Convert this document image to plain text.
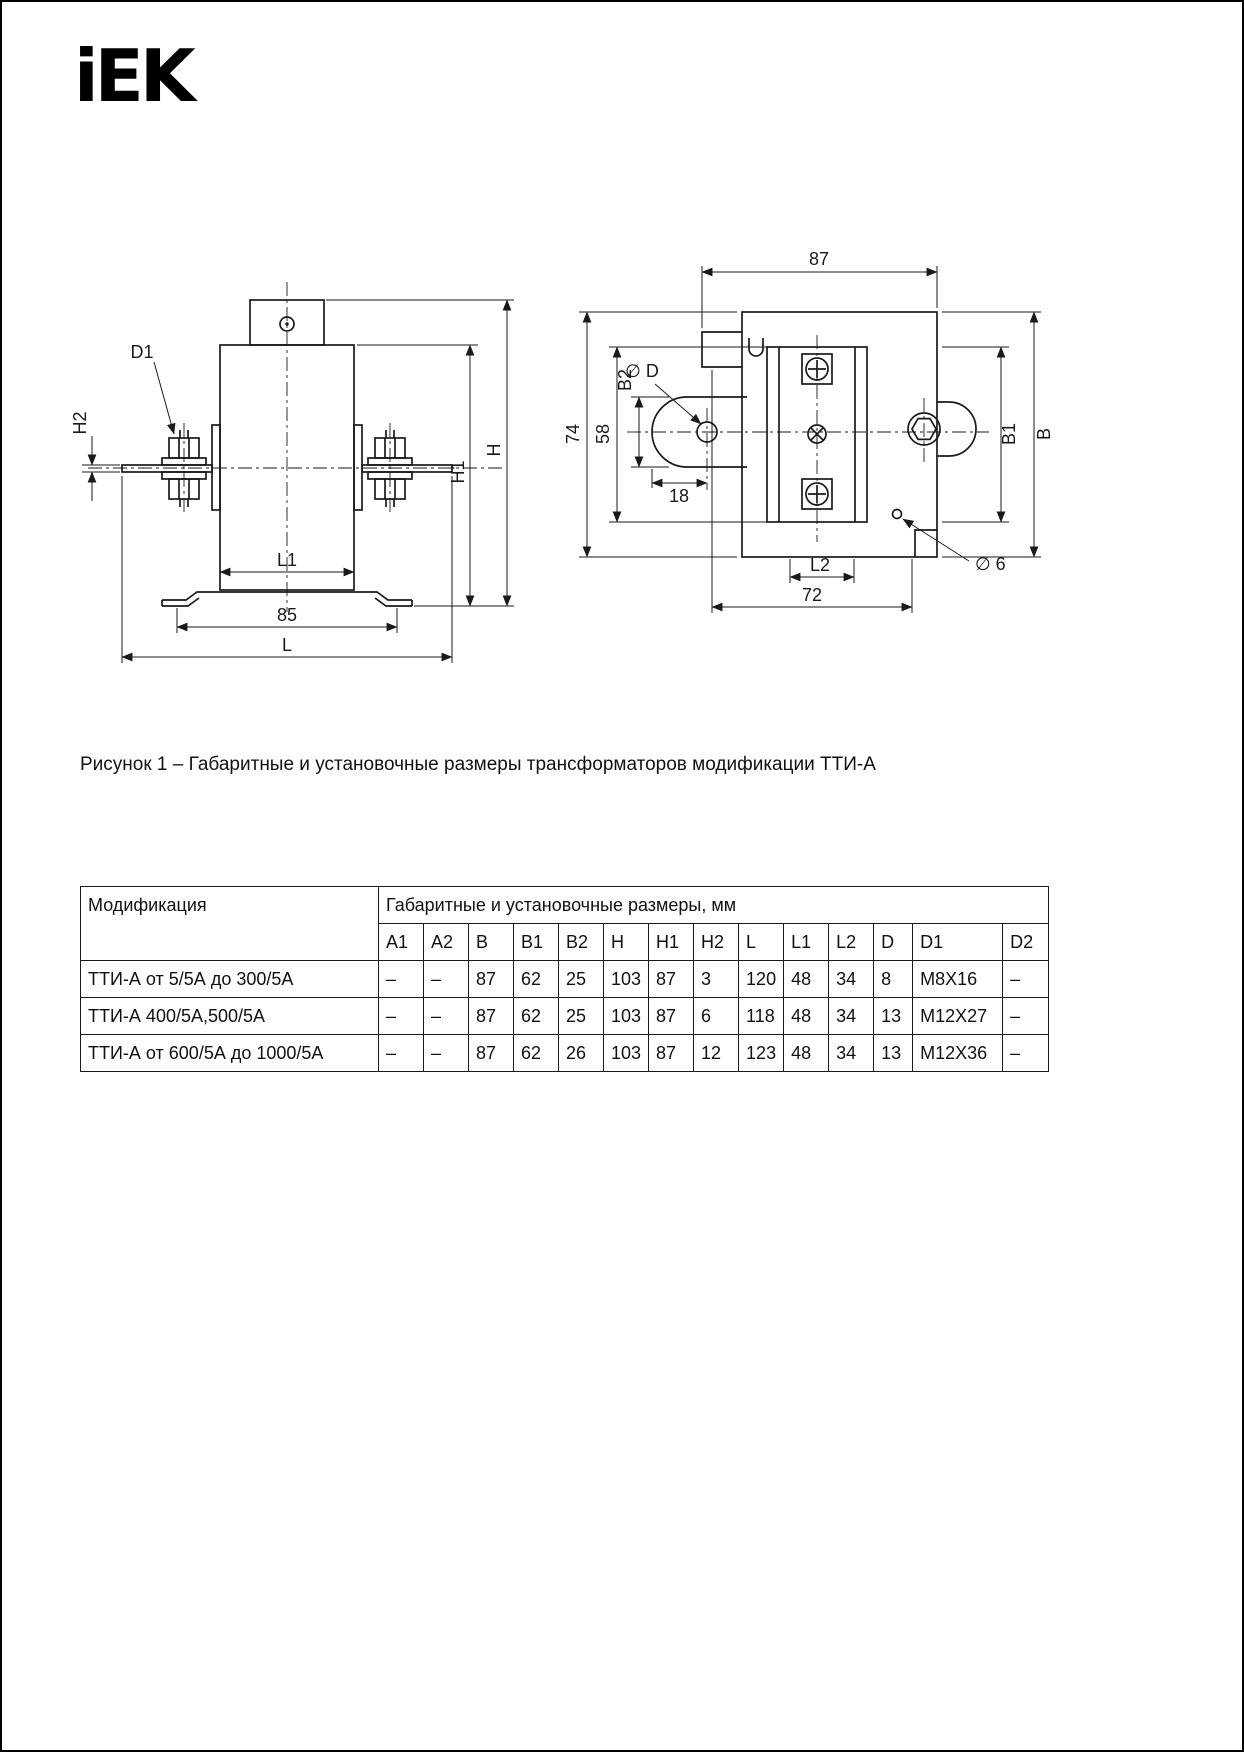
iEK
D1
H2
H
H1
L1
85
L
87
∅ D
74 58
B2
18
B1 B
L2
72
∅ 6
Рисунок 1 – Габаритные и установочные размеры трансформаторов модификации ТТИ-А
Модификация	Габаритные и установочные размеры, мм													
	A1	A2	B	B1	B2	H	H1	H2	L	L1	L2	D	D1	D2
ТТИ-А от 5/5А до 300/5А	–	–	87	62	25	103	87	3	120	48	34	8	M8X16	–
ТТИ-А 400/5А,500/5А	–	–	87	62	25	103	87	6	118	48	34	13	M12X27	–
ТТИ-А от 600/5А до 1000/5А	–	–	87	62	26	103	87	12	123	48	34	13	M12X36	–
